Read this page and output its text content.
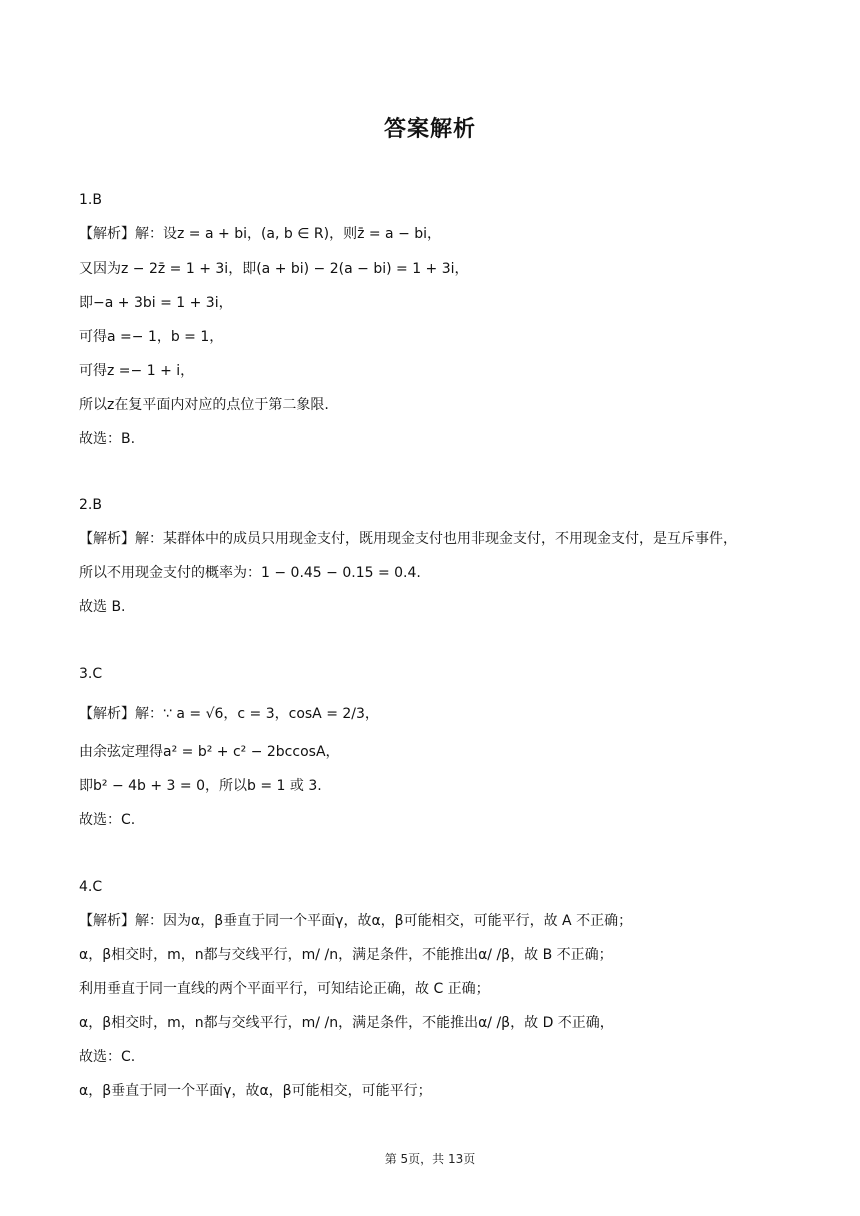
答案解析
1.B
【解析】解：设z = a + bi，(a, b ∈ R)，则z̄ = a − bi，
又因为z − 2z̄ = 1 + 3i，即(a + bi) − 2(a − bi) = 1 + 3i，
即−a + 3bi = 1 + 3i，
可得a =− 1，b = 1，
可得z =− 1 + i，
所以z在复平面内对应的点位于第二象限.
故选：B.
2.B
【解析】解：某群体中的成员只用现金支付，既用现金支付也用非现金支付，不用现金支付，是互斥事件，
所以不用现金支付的概率为：1 − 0.45 − 0.15 = 0.4.
故选 B.
3.C
【解析】解：∵ a = √6，c = 3，cosA = 2/3，
由余弦定理得a² = b² + c² − 2bccosA，
即b² − 4b + 3 = 0，所以b = 1 或 3.
故选：C.
4.C
【解析】解：因为α，β垂直于同一个平面γ，故α，β可能相交，可能平行，故 A 不正确；
α，β相交时，m，n都与交线平行，m/ /n，满足条件，不能推出α/ /β，故 B 不正确；
利用垂直于同一直线的两个平面平行，可知结论正确，故 C 正确；
α，β相交时，m，n都与交线平行，m/ /n，满足条件，不能推出α/ /β，故 D 不正确，
故选：C.
α，β垂直于同一个平面γ，故α，β可能相交，可能平行；
第 5页，共 13页
